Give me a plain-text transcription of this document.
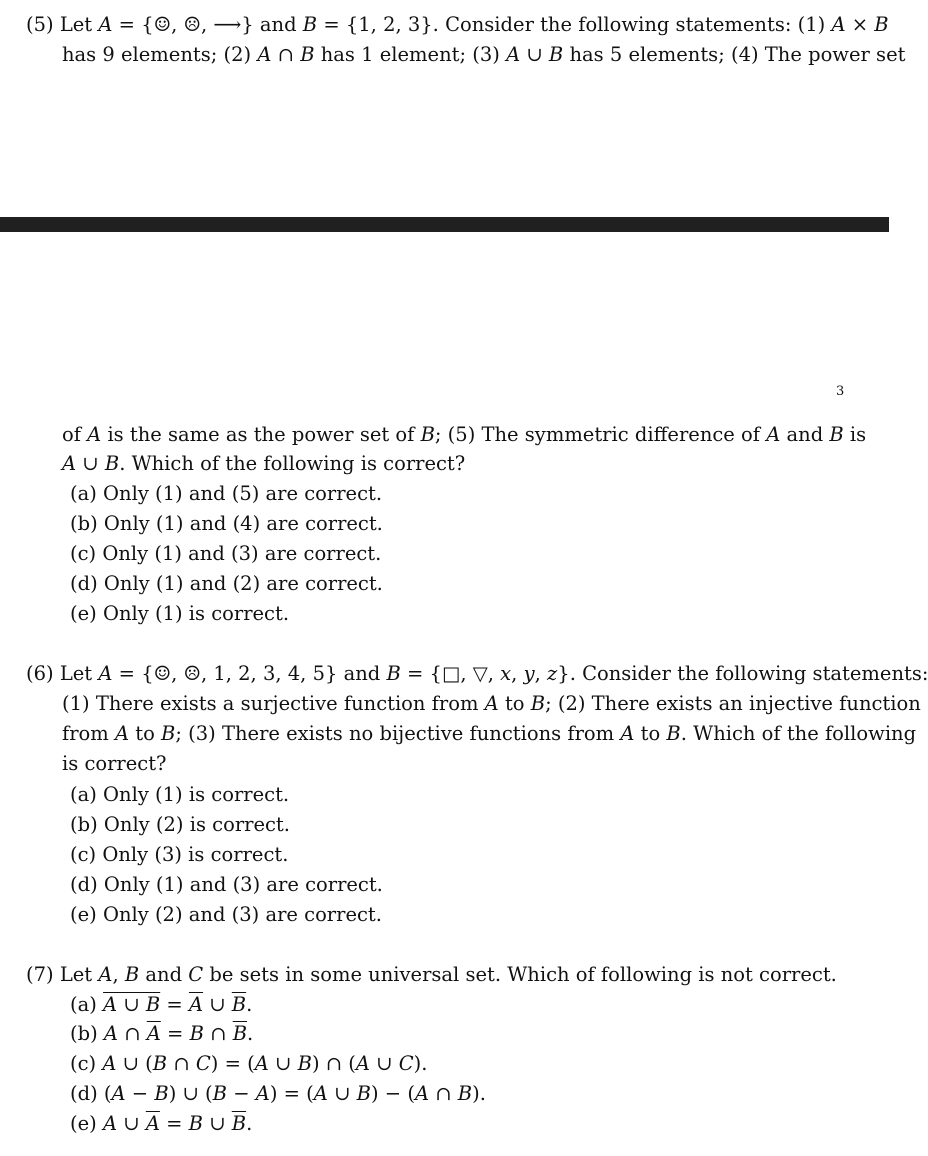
(5) Let A = {☺, ☹, ⟶} and B = {1, 2, 3}. Consider the following statements: (1) A × B
has 9 elements; (2) A ∩ B has 1 element; (3) A ∪ B has 5 elements; (4) The power set
3
of A is the same as the power set of B; (5) The symmetric difference of A and B is
A ∪ B. Which of the following is correct?
(a) Only (1) and (5) are correct.
(b) Only (1) and (4) are correct.
(c) Only (1) and (3) are correct.
(d) Only (1) and (2) are correct.
(e) Only (1) is correct.
(6) Let A = {☺, ☹, 1, 2, 3, 4, 5} and B = {□, ▽, x, y, z}. Consider the following statements:
(1) There exists a surjective function from A to B; (2) There exists an injective function
from A to B; (3) There exists no bijective functions from A to B. Which of the following
is correct?
(a) Only (1) is correct.
(b) Only (2) is correct.
(c) Only (3) is correct.
(d) Only (1) and (3) are correct.
(e) Only (2) and (3) are correct.
(7) Let A, B and C be sets in some universal set. Which of following is not correct.
(a) A ∪ $B = \overline{A}$ ∪ $\overline{B}$.
(b) A ∩ $\overline{A} = B$ ∩ $\overline{B}$.
(c) A ∪ (B ∩ C) = (A ∪ B) ∩ (A ∪ C).
(d) (A − B) ∪ (B − A) = (A ∪ B) − (A ∩ B).
(e) A ∪ $\overline{A} = B$ ∪ $\overline{B}$.
